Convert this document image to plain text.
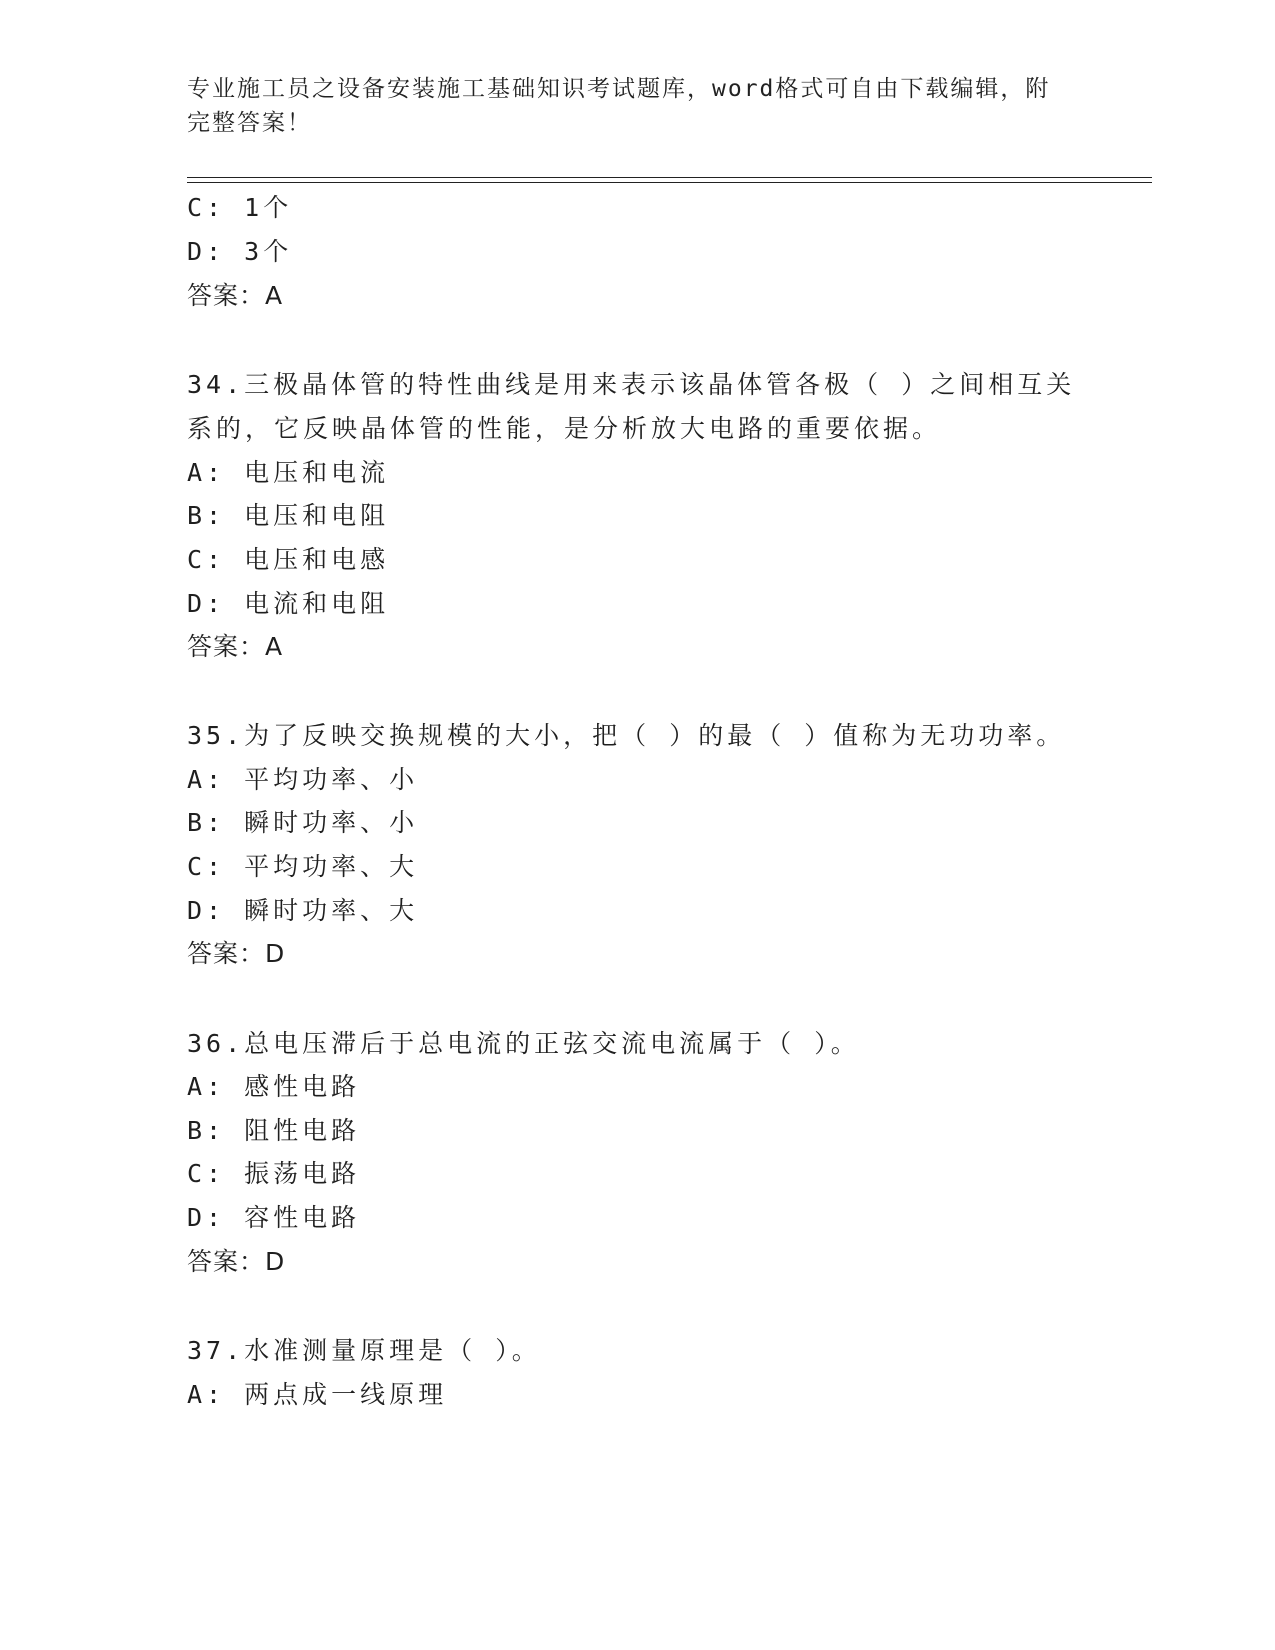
专业施工员之设备安装施工基础知识考试题库，word格式可自由下载编辑，附完整答案！
C: 1个
D: 3个
答案：A
34.三极晶体管的特性曲线是用来表示该晶体管各极（ ）之间相互关
系的，它反映晶体管的性能，是分析放大电路的重要依据。
A: 电压和电流
B: 电压和电阻
C: 电压和电感
D: 电流和电阻
答案：A
35.为了反映交换规模的大小，把（ ）的最（ ）值称为无功功率。
A: 平均功率、小
B: 瞬时功率、小
C: 平均功率、大
D: 瞬时功率、大
答案：D
36.总电压滞后于总电流的正弦交流电流属于（ ）。
A: 感性电路
B: 阻性电路
C: 振荡电路
D: 容性电路
答案：D
37.水准测量原理是（ ）。
A: 两点成一线原理
